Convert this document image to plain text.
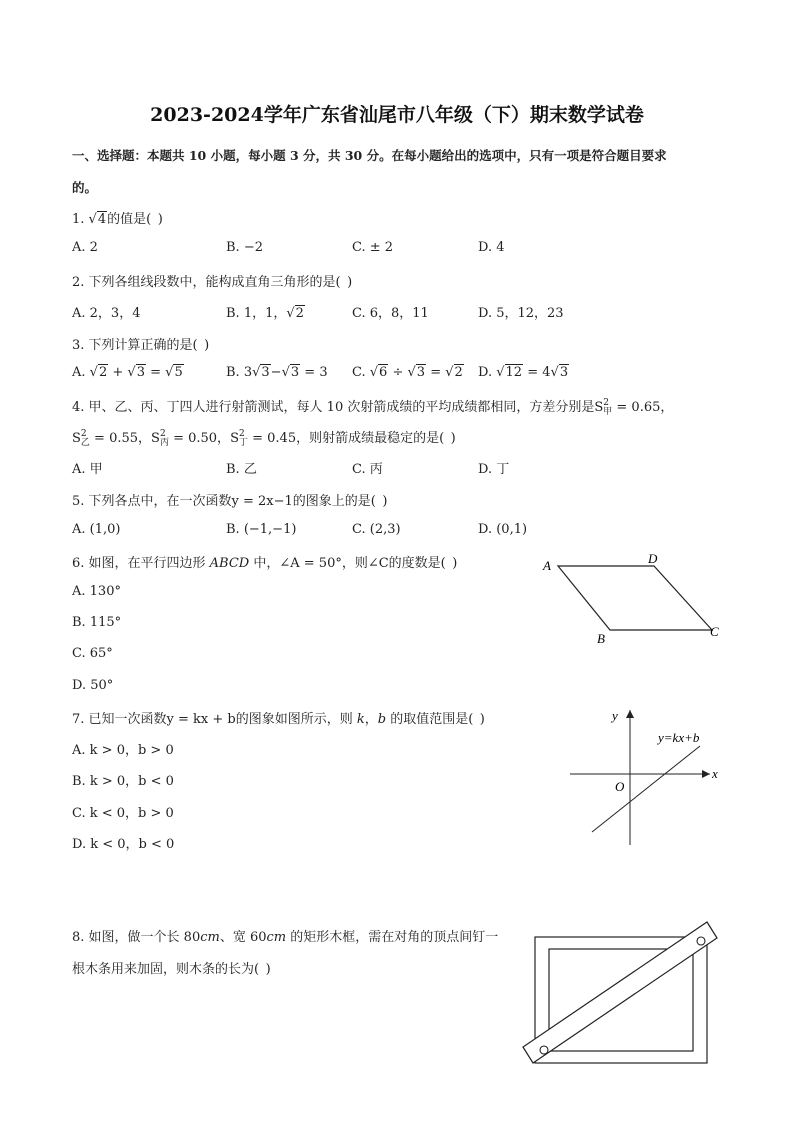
2023-2024学年广东省汕尾市八年级（下）期末数学试卷
一、选择题：本题共 10 小题，每小题 3 分，共 30 分。在每小题给出的选项中，只有一项是符合题目要求
的。
1. √4的值是( )
A. 2	B. −2	C. ± 2	D. 4
2. 下列各组线段数中，能构成直角三角形的是( )
A. 2，3，4	B. 1，1，√2	C. 6，8，11	D. 5，12，23
3. 下列计算正确的是( )
A. √2 + √3 = √5	B. 3√3−√3 = 3 C. √6 ÷ √3 = √2 D. √12 = 4√3
4. 甲、乙、丙、丁四人进行射箭测试，每人 10 次射箭成绩的平均成绩都相同，方差分别是S2
甲 = 0.65，
S2
乙 = 0.55，S2
丙 = 0.50，S2
丁 = 0.45，则射箭成绩最稳定的是( )
A. 甲	B. 乙	C. 丙	D. 丁
5. 下列各点中，在一次函数y = 2x−1的图象上的是( )
A. (1,0)	B. (−1,−1)	C. (2,3)	D. (0,1)
6. 如图，在平行四边形 ABCD 中，∠A = 50°，则∠C的度数是( )
A. 130°
B. 115°
C. 65°
D. 50°
A	D
C
B
7. 已知一次函数y = kx + b的图象如图所示，则 k，b 的取值范围是( )
A. k > 0，b > 0
B. k > 0，b < 0
C. k < 0，b > 0
D. k < 0，b < 0
y
x
O
y=kx+b
8. 如图，做一个长 80cm、宽 60cm 的矩形木框，需在对角的顶点间钉一
根木条用来加固，则木条的长为( )
